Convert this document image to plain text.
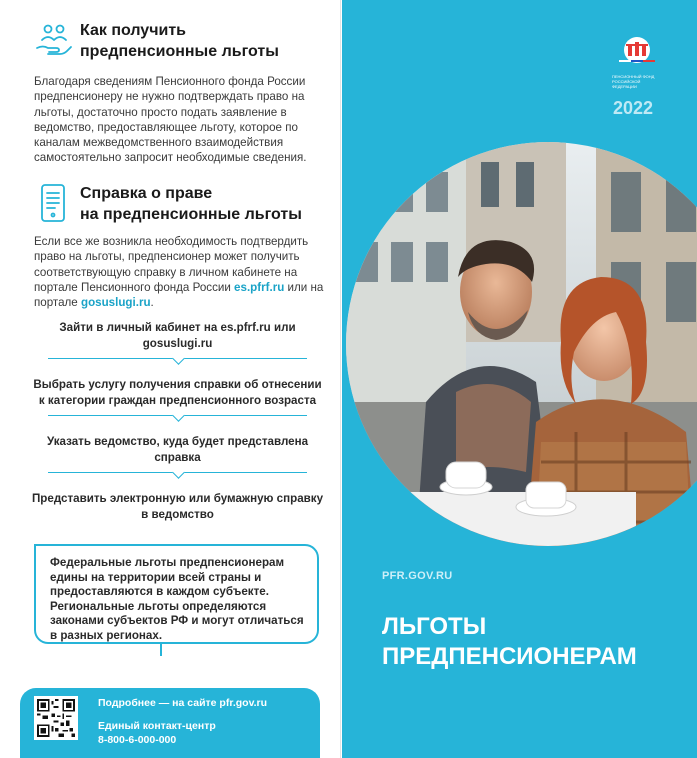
Как получить
предпенсионные льготы
Благодаря сведениям Пенсионного фонда России предпенсионеру не нужно подтверждать право на льготы, достаточно просто подать заявление в ведомство, предоставляющее льготу, которое по каналам межведомственного взаимодействия самостоятельно запросит необходимые сведения.
Справка о праве
на предпенсионные льготы
Если все же возникла необходимость подтвердить право на льготы, предпенсионер может получить соответствующую справку в личном кабинете на портале Пенсионного фонда России es.pfrf.ru или на портале gosuslugi.ru.
Зайти в личный кабинет на es.pfrf.ru или gosuslugi.ru
Выбрать услугу получения справки об отнесении к категории граждан предпенсионного возраста
Указать ведомство, куда будет представлена справка
Представить электронную или бумажную справку в ведомство
Федеральные льготы предпенсионерам едины на территории всей страны и предоставляются в каждом субъекте. Региональные льготы определяются законами субъектов РФ и могут отличаться в разных регионах.
Подробнее — на сайте pfr.gov.ru
Единый контакт-центр
8-800-6-000-000
ПЕНСИОННЫЙ ФОНД
РОССИЙСКОЙ ФЕДЕРАЦИИ
2022
PFR.GOV.RU
ЛЬГОТЫ
ПРЕДПЕНСИОНЕРАМ
